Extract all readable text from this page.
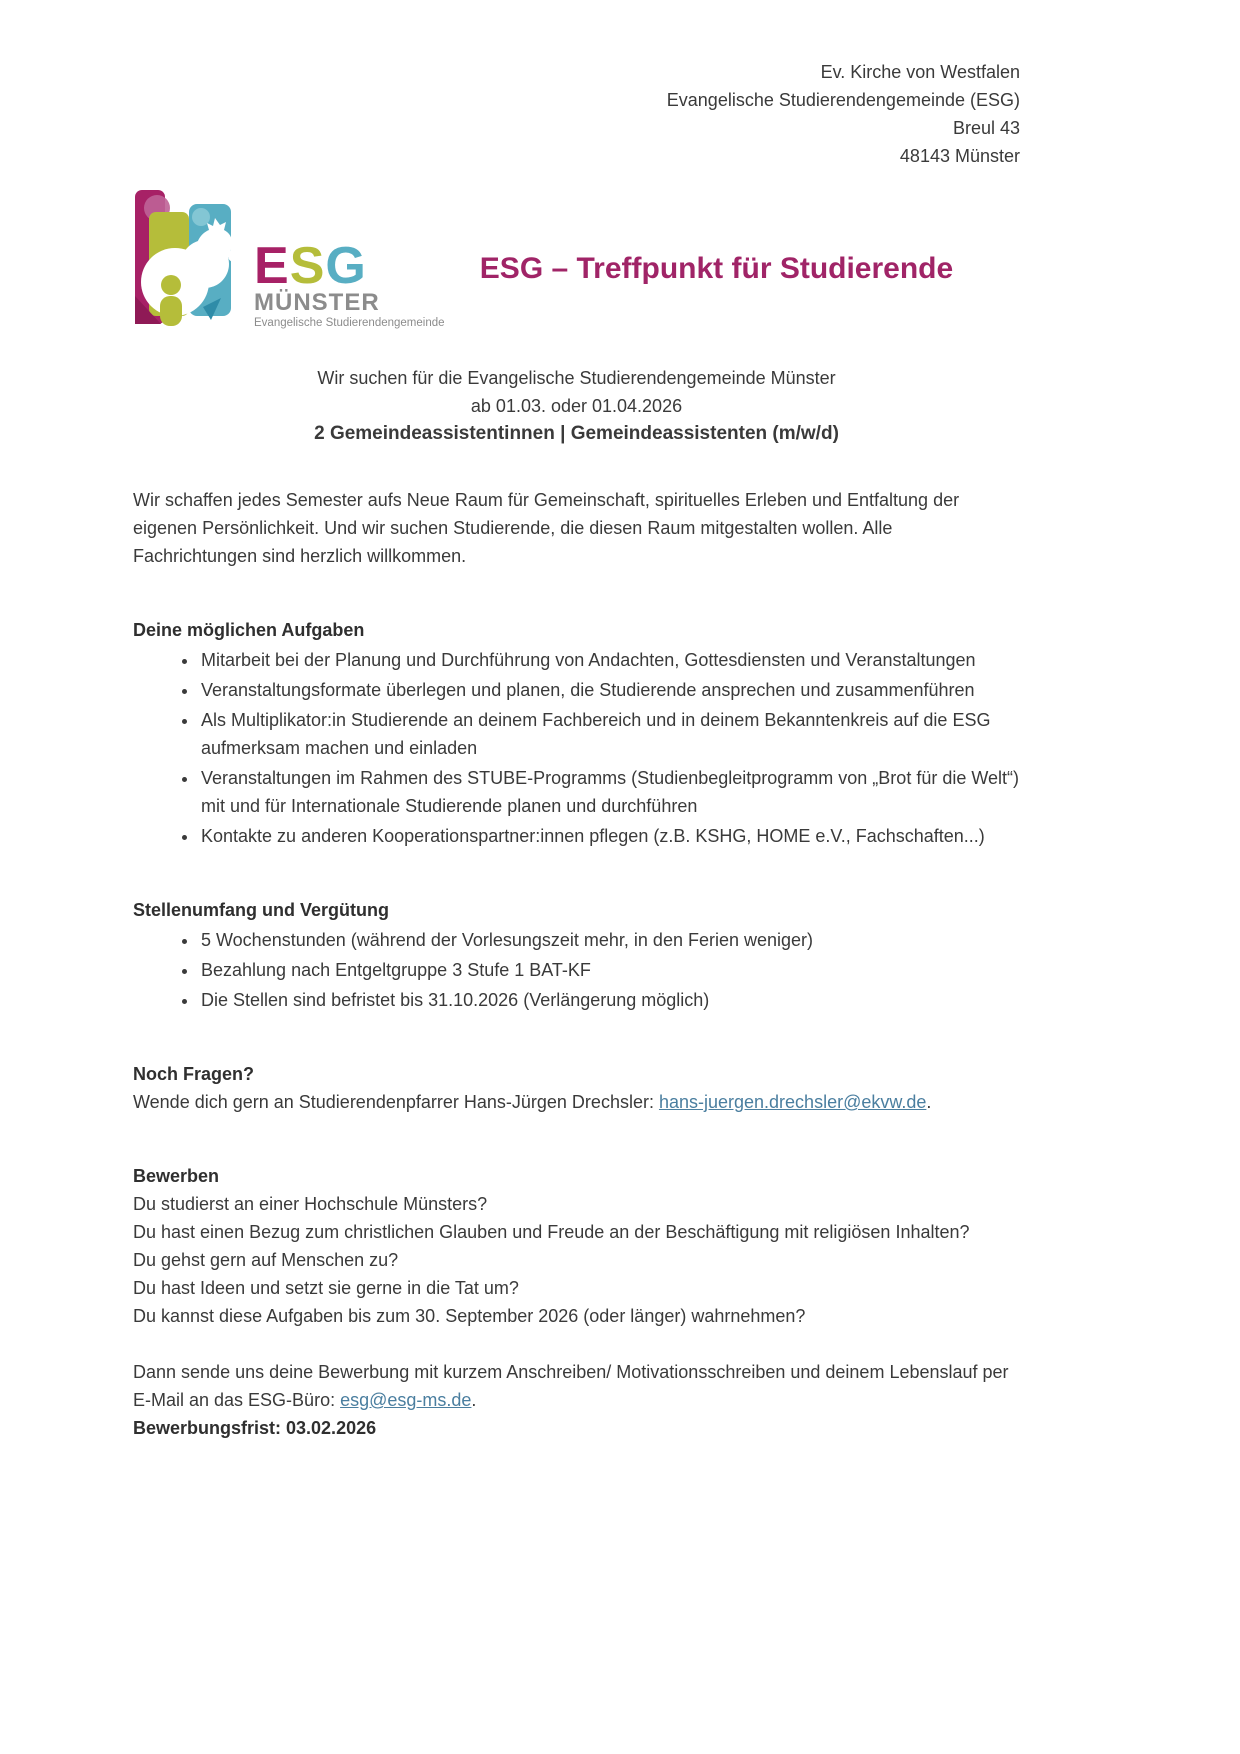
Ev. Kirche von Westfalen
Evangelische Studierendengemeinde (ESG)
Breul 43
48143 Münster
ESG
MÜNSTER
Evangelische Studierendengemeinde
ESG – Treffpunkt für Studierende
Wir suchen für die Evangelische Studierendengemeinde Münster
ab 01.03. oder 01.04.2026
2 Gemeindeassistentinnen | Gemeindeassistenten (m/w/d)

Wir schaffen jedes Semester aufs Neue Raum für Gemeinschaft, spirituelles Erleben und Entfaltung der eigenen Persönlichkeit. Und wir suchen Studierende, die diesen Raum mitgestalten wollen. Alle Fachrichtungen sind herzlich willkommen.

Deine möglichen Aufgaben
• Mitarbeit bei der Planung und Durchführung von Andachten, Gottesdiensten und Veranstaltungen
• Veranstaltungsformate überlegen und planen, die Studierende ansprechen und zusammenführen
• Als Multiplikator:in Studierende an deinem Fachbereich und in deinem Bekanntenkreis auf die ESG aufmerksam machen und einladen
• Veranstaltungen im Rahmen des STUBE-Programms (Studienbegleitprogramm von „Brot für die Welt“) mit und für Internationale Studierende planen und durchführen
• Kontakte zu anderen Kooperationspartner:innen pflegen (z.B. KSHG, HOME e.V., Fachschaften...)
Stellenumfang und Vergütung
• 5 Wochenstunden (während der Vorlesungszeit mehr, in den Ferien weniger)
• Bezahlung nach Entgeltgruppe 3 Stufe 1 BAT-KF
• Die Stellen sind befristet bis 31.10.2026 (Verlängerung möglich)
Noch Fragen?

Wende dich gern an Studierendenpfarrer Hans-Jürgen Drechsler: hans-juergen.drechsler@ekvw.de.

Bewerben
Du studierst an einer Hochschule Münsters?
Du hast einen Bezug zum christlichen Glauben und Freude an der Beschäftigung mit religiösen Inhalten?
Du gehst gern auf Menschen zu?
Du hast Ideen und setzt sie gerne in die Tat um?
Du kannst diese Aufgaben bis zum 30. September 2026 (oder länger) wahrnehmen?

Dann sende uns deine Bewerbung mit kurzem Anschreiben/ Motivationsschreiben und deinem Lebenslauf per E-Mail an das ESG-Büro: esg@esg-ms.de.

Bewerbungsfrist: 03.02.2026
